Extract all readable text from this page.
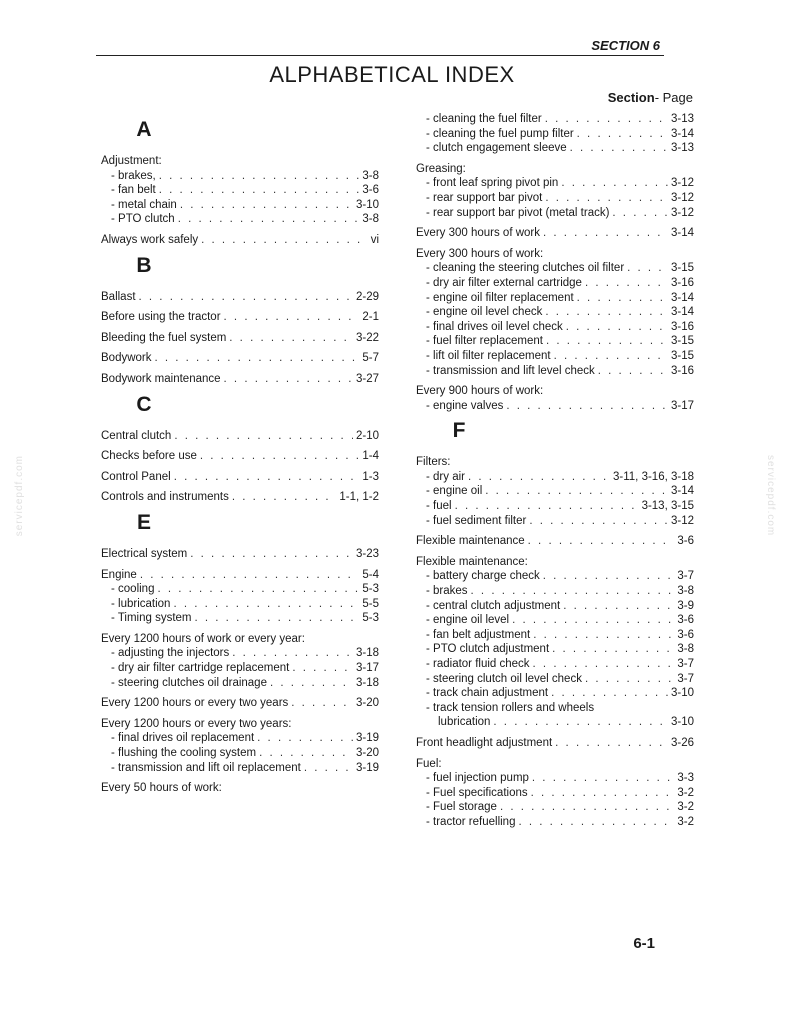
SECTION 6
ALPHABETICAL INDEX
Section- Page
A
Adjustment:
- brakes, . . .	3-8
- fan belt . . .	3-6
- metal chain . . .	3-10
- PTO clutch . . .	3-8
Always work safely . . .	vi
B
Ballast . . .	2-29
Before using the tractor . . .	2-1
Bleeding the fuel system . . .	3-22
Bodywork . . .	5-7
Bodywork maintenance . . .	3-27
C
Central clutch . . .	2-10
Checks before use . . .	1-4
Control Panel . . .	1-3
Controls and instruments . . .	1-1, 1-2
E
Electrical system . . .	3-23
Engine . . .	5-4
- cooling . . .	5-3
- lubrication . . .	5-5
- Timing system . . .	5-3
Every 1200 hours of work or every year:
- adjusting the injectors . . .	3-18
- dry air filter cartridge replacement . . .	3-17
- steering clutches oil drainage . . .	3-18
Every 1200 hours or every two years . . .	3-20
Every 1200 hours or every two years:
- final drives oil replacement . . .	3-19
- flushing the cooling system . . .	3-20
- transmission and lift oil replacement . . .	3-19
Every 50 hours of work:
- cleaning the fuel filter . . .	3-13
- cleaning the fuel pump filter . . .	3-14
- clutch engagement sleeve . . .	3-13
Greasing:
- front leaf spring pivot pin . . .	3-12
- rear support bar pivot . . .	3-12
- rear support bar pivot (metal track) . . .	3-12
Every 300 hours of work . . .	3-14
Every 300 hours of work:
- cleaning the steering clutches oil filter . . .	3-15
- dry air filter external cartridge . . .	3-16
- engine oil filter replacement . . .	3-14
- engine oil level check . . .	3-14
- final drives oil level check . . .	3-16
- fuel filter replacement . . .	3-15
- lift oil filter replacement . . .	3-15
- transmission and lift level check . . .	3-16
Every 900 hours of work:
- engine valves . . .	3-17
F
Filters:
- dry air . . .	3-11, 3-16, 3-18
- engine oil . . .	3-14
- fuel . . .	3-13, 3-15
- fuel sediment filter . . .	3-12
Flexible maintenance . . .	3-6
Flexible maintenance:
- battery charge check . . .	3-7
- brakes . . .	3-8
- central clutch adjustment . . .	3-9
- engine oil level . . .	3-6
- fan belt adjustment . . .	3-6
- PTO clutch adjustment . . .	3-8
- radiator fluid check . . .	3-7
- steering clutch oil level check . . .	3-7
- track chain adjustment . . .	3-10
- track tension rollers and wheels
lubrication . . .	3-10
Front headlight adjustment . . .	3-26
Fuel:
- fuel injection pump . . .	3-3
- Fuel specifications . . .	3-2
- Fuel storage . . .	3-2
- tractor refuelling . . .	3-2
servicepdf.com	servicepdf.com
6-1
